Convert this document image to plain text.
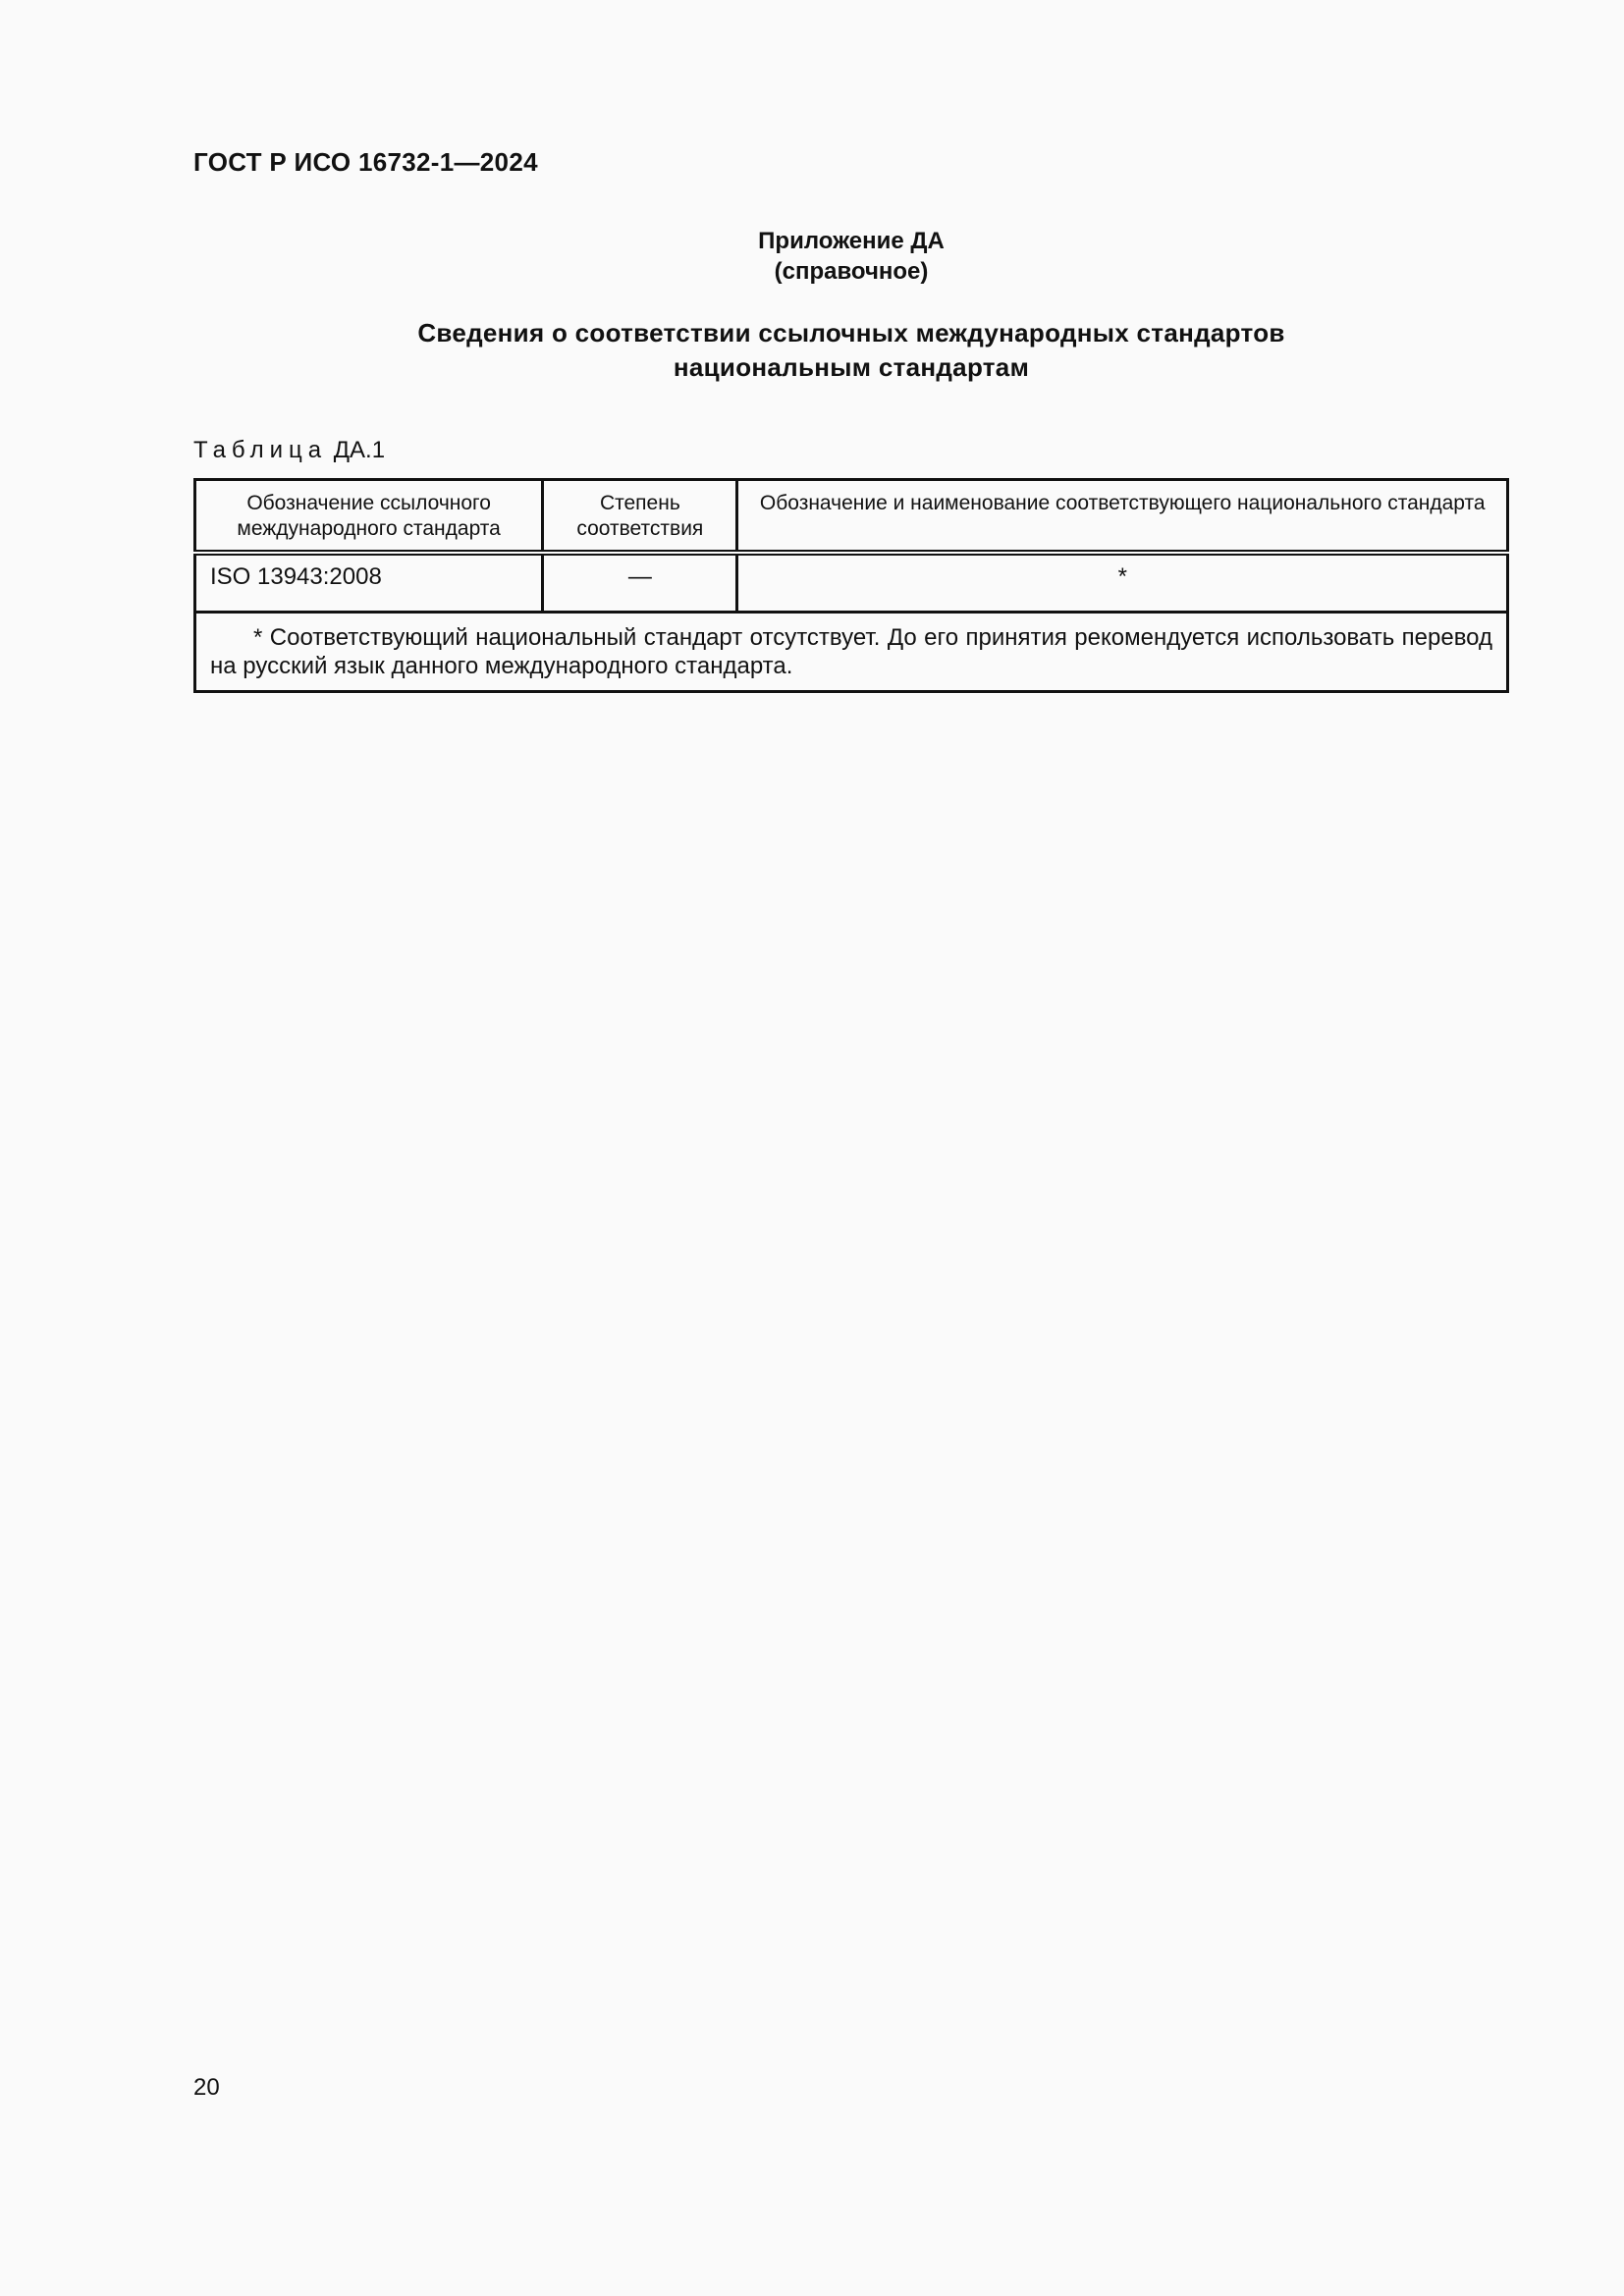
ГОСТ Р ИСО 16732-1—2024
Приложение ДА
(справочное)
Сведения о соответствии ссылочных международных стандартов
национальным стандартам
Таблица ДА.1
Обозначение ссылочного международного стандарта	Степень соответствия	Обозначение и наименование соответствующего национального стандарта
ISO 13943:2008	—	*
* Соответствующий национальный стандарт отсутствует. До его принятия рекомендуется использовать перевод на русский язык данного международного стандарта.		
20
